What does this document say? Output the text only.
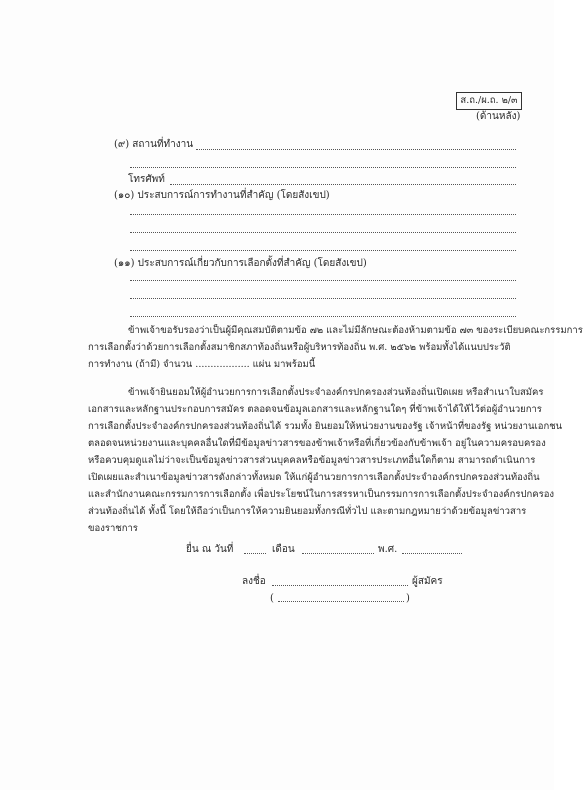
ส.ถ./ผ.ถ. ๒/๓
(ด้านหลัง)
(๙) สถานที่ทำงาน
โทรศัพท์
(๑๐) ประสบการณ์การทำงานที่สำคัญ (โดยสังเขป)
(๑๑) ประสบการณ์เกี่ยวกับการเลือกตั้งที่สำคัญ (โดยสังเขป)
ข้าพเจ้าขอรับรองว่าเป็นผู้มีคุณสมบัติตามข้อ ๗๒ และไม่มีลักษณะต้องห้ามตามข้อ ๗๓ ของระเบียบคณะกรรมการ
การเลือกตั้งว่าด้วยการเลือกตั้งสมาชิกสภาท้องถิ่นหรือผู้บริหารท้องถิ่น พ.ศ. ๒๕๖๒ พร้อมทั้งได้แนบประวัติ
การทำงาน (ถ้ามี) จำนวน .................. แผ่น มาพร้อมนี้
ข้าพเจ้ายินยอมให้ผู้อำนวยการการเลือกตั้งประจำองค์กรปกครองส่วนท้องถิ่นเปิดเผย หรือสำเนาใบสมัคร
เอกสารและหลักฐานประกอบการสมัคร ตลอดจนข้อมูลเอกสารและหลักฐานใดๆ ที่ข้าพเจ้าได้ให้ไว้ต่อผู้อำนวยการ
การเลือกตั้งประจำองค์กรปกครองส่วนท้องถิ่นได้ รวมทั้ง ยินยอมให้หน่วยงานของรัฐ เจ้าหน้าที่ของรัฐ หน่วยงานเอกชน
ตลอดจนหน่วยงานและบุคคลอื่นใดที่มีข้อมูลข่าวสารของข้าพเจ้าหรือที่เกี่ยวข้องกับข้าพเจ้า อยู่ในความครอบครอง
หรือควบคุมดูแลไม่ว่าจะเป็นข้อมูลข่าวสารส่วนบุคคลหรือข้อมูลข่าวสารประเภทอื่นใดก็ตาม สามารถดำเนินการ
เปิดเผยและสำเนาข้อมูลข่าวสารดังกล่าวทั้งหมด ให้แก่ผู้อำนวยการการเลือกตั้งประจำองค์กรปกครองส่วนท้องถิ่น
และสำนักงานคณะกรรมการการเลือกตั้ง เพื่อประโยชน์ในการสรรหาเป็นกรรมการการเลือกตั้งประจำองค์กรปกครอง
ส่วนท้องถิ่นได้ ทั้งนี้ โดยให้ถือว่าเป็นการให้ความยินยอมทั้งกรณีทั่วไป และตามกฎหมายว่าด้วยข้อมูลข่าวสาร
ของราชการ
ยื่น ณ วันที่	เดือน	พ.ศ.
ลงชื่อ	ผู้สมัคร
(	)
